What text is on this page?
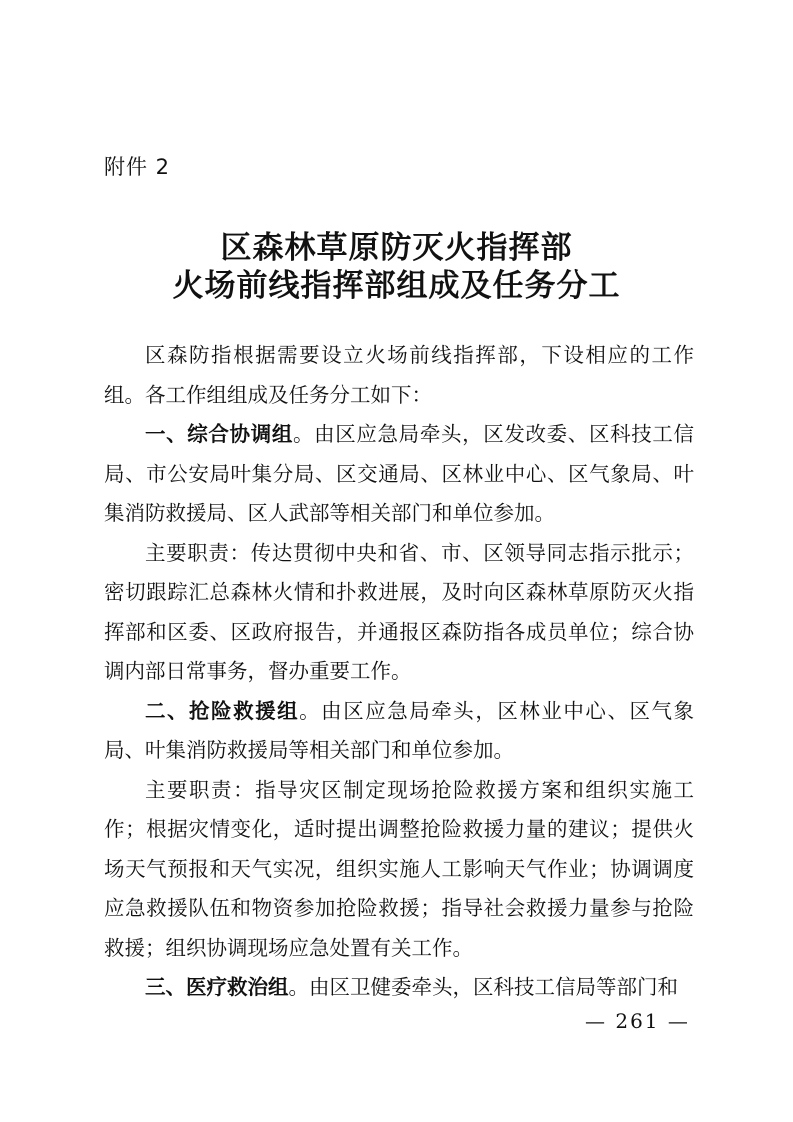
附件 2
区森林草原防灭火指挥部
火场前线指挥部组成及任务分工

区森防指根据需要设立火场前线指挥部，下设相应的工作组。各工作组组成及任务分工如下：

一、综合协调组。由区应急局牵头，区发改委、区科技工信局、市公安局叶集分局、区交通局、区林业中心、区气象局、叶集消防救援局、区人武部等相关部门和单位参加。

主要职责：传达贯彻中央和省、市、区领导同志指示批示；密切跟踪汇总森林火情和扑救进展，及时向区森林草原防灭火指挥部和区委、区政府报告，并通报区森防指各成员单位；综合协调内部日常事务，督办重要工作。

二、抢险救援组。由区应急局牵头，区林业中心、区气象局、叶集消防救援局等相关部门和单位参加。

主要职责：指导灾区制定现场抢险救援方案和组织实施工作；根据灾情变化，适时提出调整抢险救援力量的建议；提供火场天气预报和天气实况，组织实施人工影响天气作业；协调调度应急救援队伍和物资参加抢险救援；指导社会救援力量参与抢险救援；组织协调现场应急处置有关工作。

三、医疗救治组。由区卫健委牵头，区科技工信局等部门和

— 261 —
